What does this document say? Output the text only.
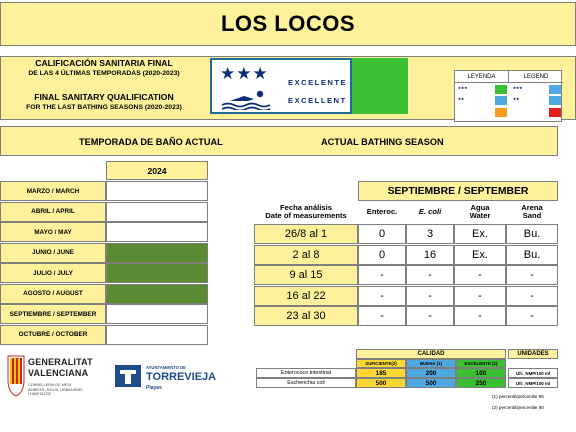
LOS LOCOS
CALIFICACIÓN SANITARIA FINAL
DE LAS 4 ÚLTIMAS TEMPORADAS (2020-2023)
FINAL SANITARY QUALIFICATION
FOR THE LAST BATHING SEASONS (2020-2023)
★★★	EXCELENTE
EXCELLENT
LEYENDA	LEGEND
★★★
★★
★★★
★★
TEMPORADA DE BAÑO ACTUAL	ACTUAL BATHING SEASON
2024
MARZO / MARCH
ABRIL / APRIL
MAYO / MAY
JUNIO / JUNE
JULIO / JULY
AGOSTO / AUGUST
SEPTIEMBRE / SEPTEMBER
OCTUBRE / OCTOBER
SEPTIEMBRE / SEPTEMBER
Fecha análisis
Date of measurements	Enteroc.	E. coli	Agua
Water
Arena
Sand
26/8 al 1	0	3	Ex.	Bu.
2 al 8	0	16	Ex.	Bu.
9 al 15	-	-	-	-
16 al 22	-	-	-	-
23 al 30	-	-	-	-
CALIDAD	UNIDADES
SUFICIENTE(2)	BUENA (1)	EXCELENTE (1)
Enterococo intestinal	185	200	100	Ufc_NMP/100 ml
Escherichia coli	500	500	250	Ufc_NMP/100 ml
(1) percentil/percentile 95
(2) percentil/percentile 90
GENERALITAT
VALENCIANA
CONSELLERIA DE MEDI AMBIENT, AIGUA, URBANISME I HABITATGE
AYUNTAMIENTO DE
TORREVIEJA
Playas
